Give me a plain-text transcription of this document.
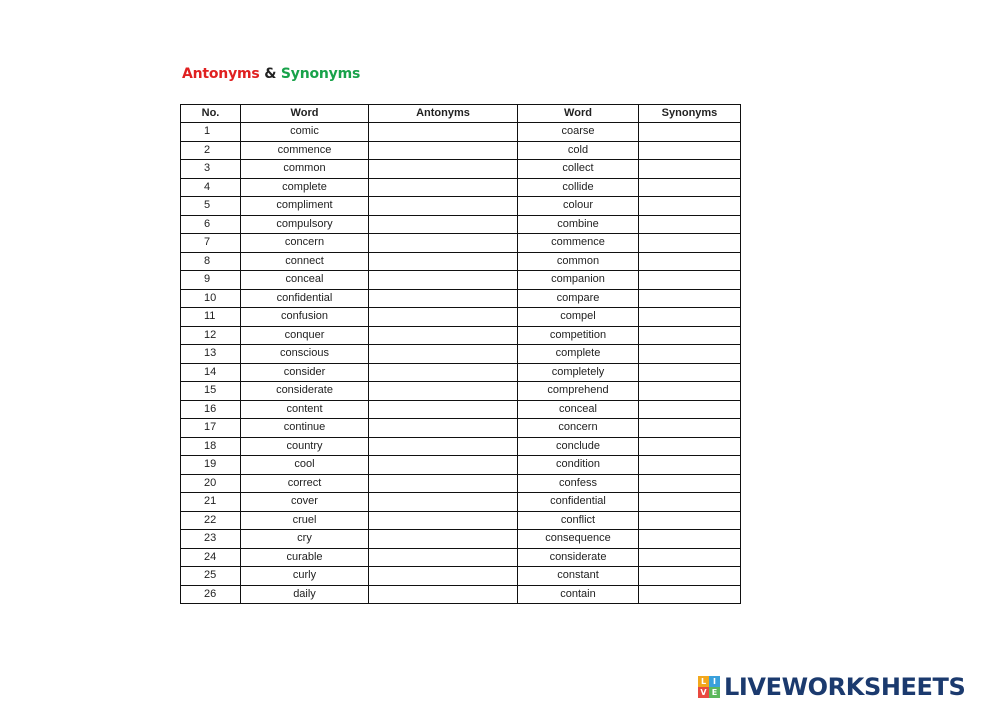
Antonyms & Synonyms
No.	Word	Antonyms	Word	Synonyms
1	comic		coarse	
2	commence		cold	
3	common		collect	
4	complete		collide	
5	compliment		colour	
6	compulsory		combine	
7	concern		commence	
8	connect		common	
9	conceal		companion	
10	confidential		compare	
11	confusion		compel	
12	conquer		competition	
13	conscious		complete	
14	consider		completely	
15	considerate		comprehend	
16	content		conceal	
17	continue		concern	
18	country		conclude	
19	cool		condition	
20	correct		confess	
21	cover		confidential	
22	cruel		conflict	
23	cry		consequence	
24	curable		considerate	
25	curly		constant	
26	daily		contain	
L I
V E LIVEWORKSHEETS
